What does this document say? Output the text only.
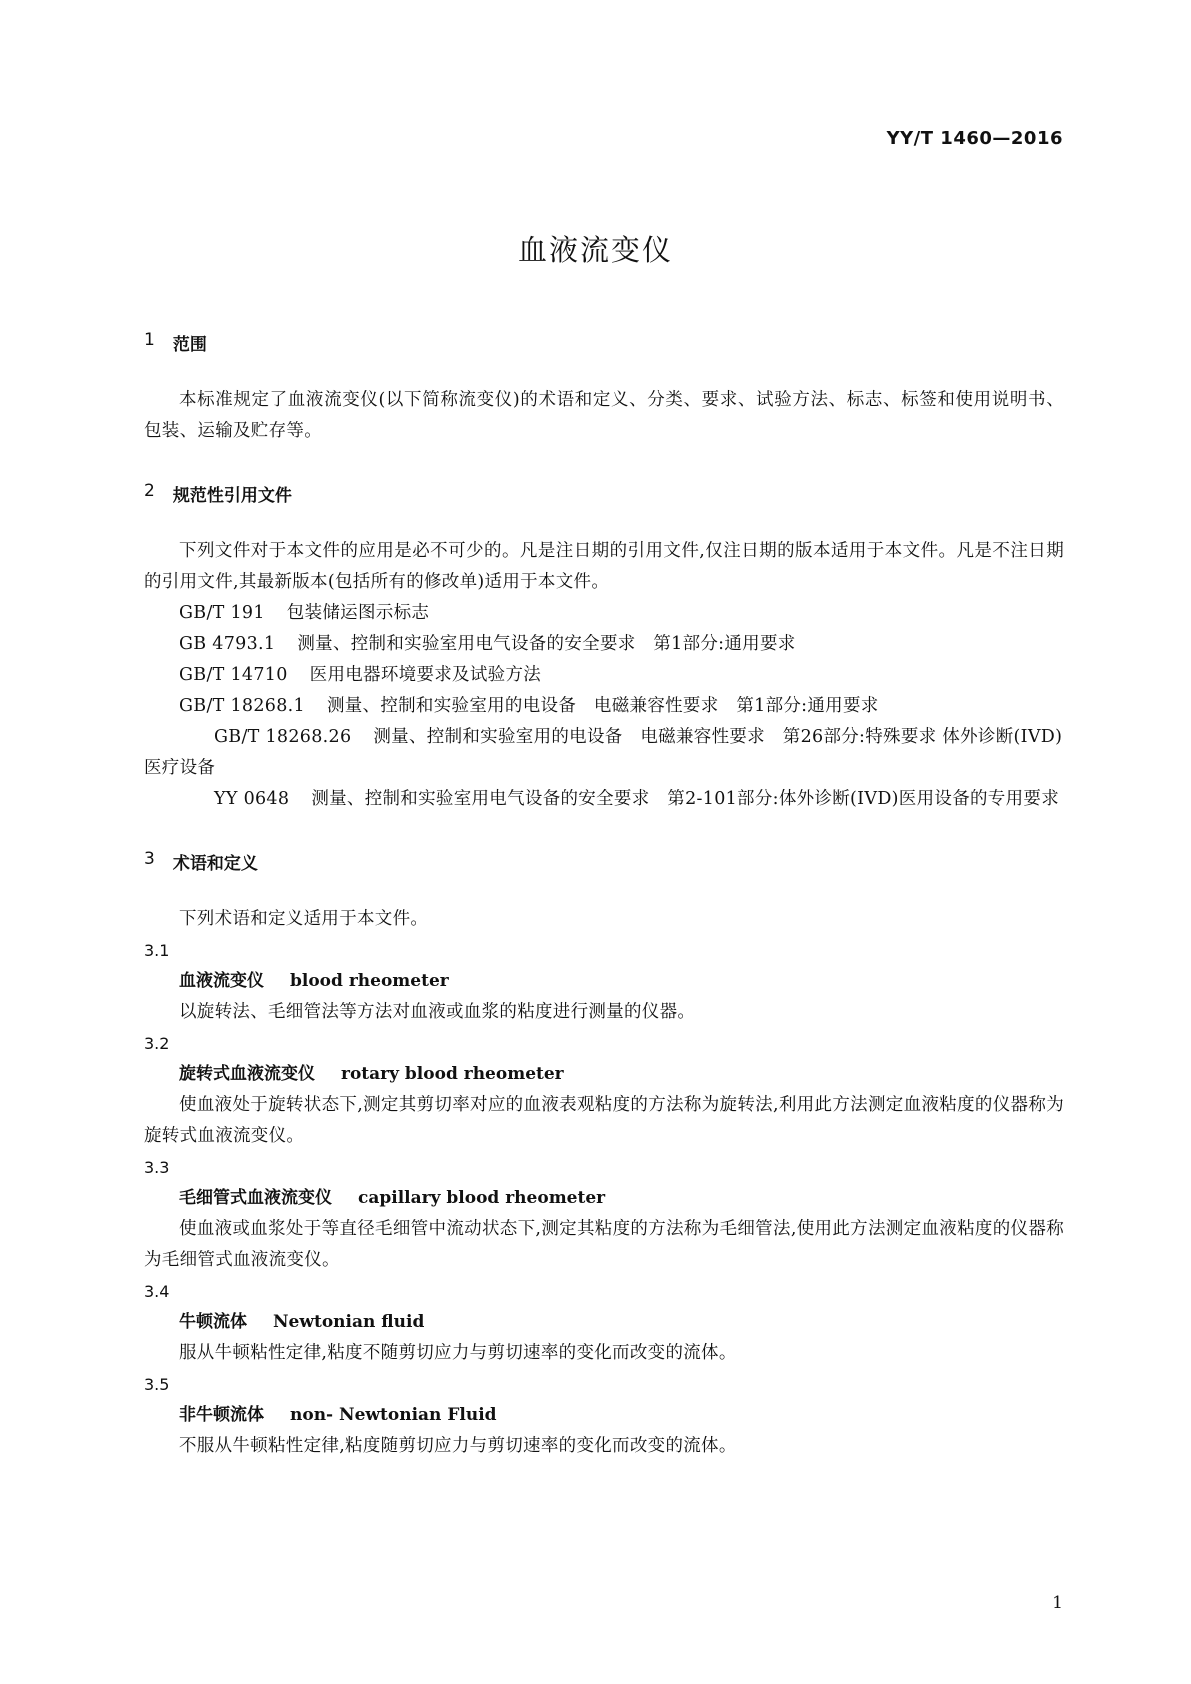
YY/T 1460—2016
血液流变仪
1 范围

本标准规定了血液流变仪(以下简称流变仪)的术语和定义、分类、要求、试验方法、标志、标签和使用说明书、包装、运输及贮存等。

2 规范性引用文件

下列文件对于本文件的应用是必不可少的。凡是注日期的引用文件,仅注日期的版本适用于本文件。凡是不注日期的引用文件,其最新版本(包括所有的修改单)适用于本文件。

GB/T 191 包装储运图示标志

GB 4793.1 测量、控制和实验室用电气设备的安全要求　第1部分:通用要求

GB/T 14710 医用电器环境要求及试验方法

GB/T 18268.1 测量、控制和实验室用的电设备　电磁兼容性要求　第1部分:通用要求

GB/T 18268.26 测量、控制和实验室用的电设备　电磁兼容性要求　第26部分:特殊要求 体外诊断(IVD)医疗设备

YY 0648 测量、控制和实验室用电气设备的安全要求　第2-101部分:体外诊断(IVD)医用设备的专用要求

3 术语和定义

下列术语和定义适用于本文件。

3.1

血液流变仪 blood rheometer

以旋转法、毛细管法等方法对血液或血浆的粘度进行测量的仪器。

3.2

旋转式血液流变仪 rotary blood rheometer

使血液处于旋转状态下,测定其剪切率对应的血液表观粘度的方法称为旋转法,利用此方法测定血液粘度的仪器称为旋转式血液流变仪。

3.3

毛细管式血液流变仪 capillary blood rheometer

使血液或血浆处于等直径毛细管中流动状态下,测定其粘度的方法称为毛细管法,使用此方法测定血液粘度的仪器称为毛细管式血液流变仪。

3.4

牛顿流体 Newtonian fluid

服从牛顿粘性定律,粘度不随剪切应力与剪切速率的变化而改变的流体。

3.5

非牛顿流体 non- Newtonian Fluid

不服从牛顿粘性定律,粘度随剪切应力与剪切速率的变化而改变的流体。

1
